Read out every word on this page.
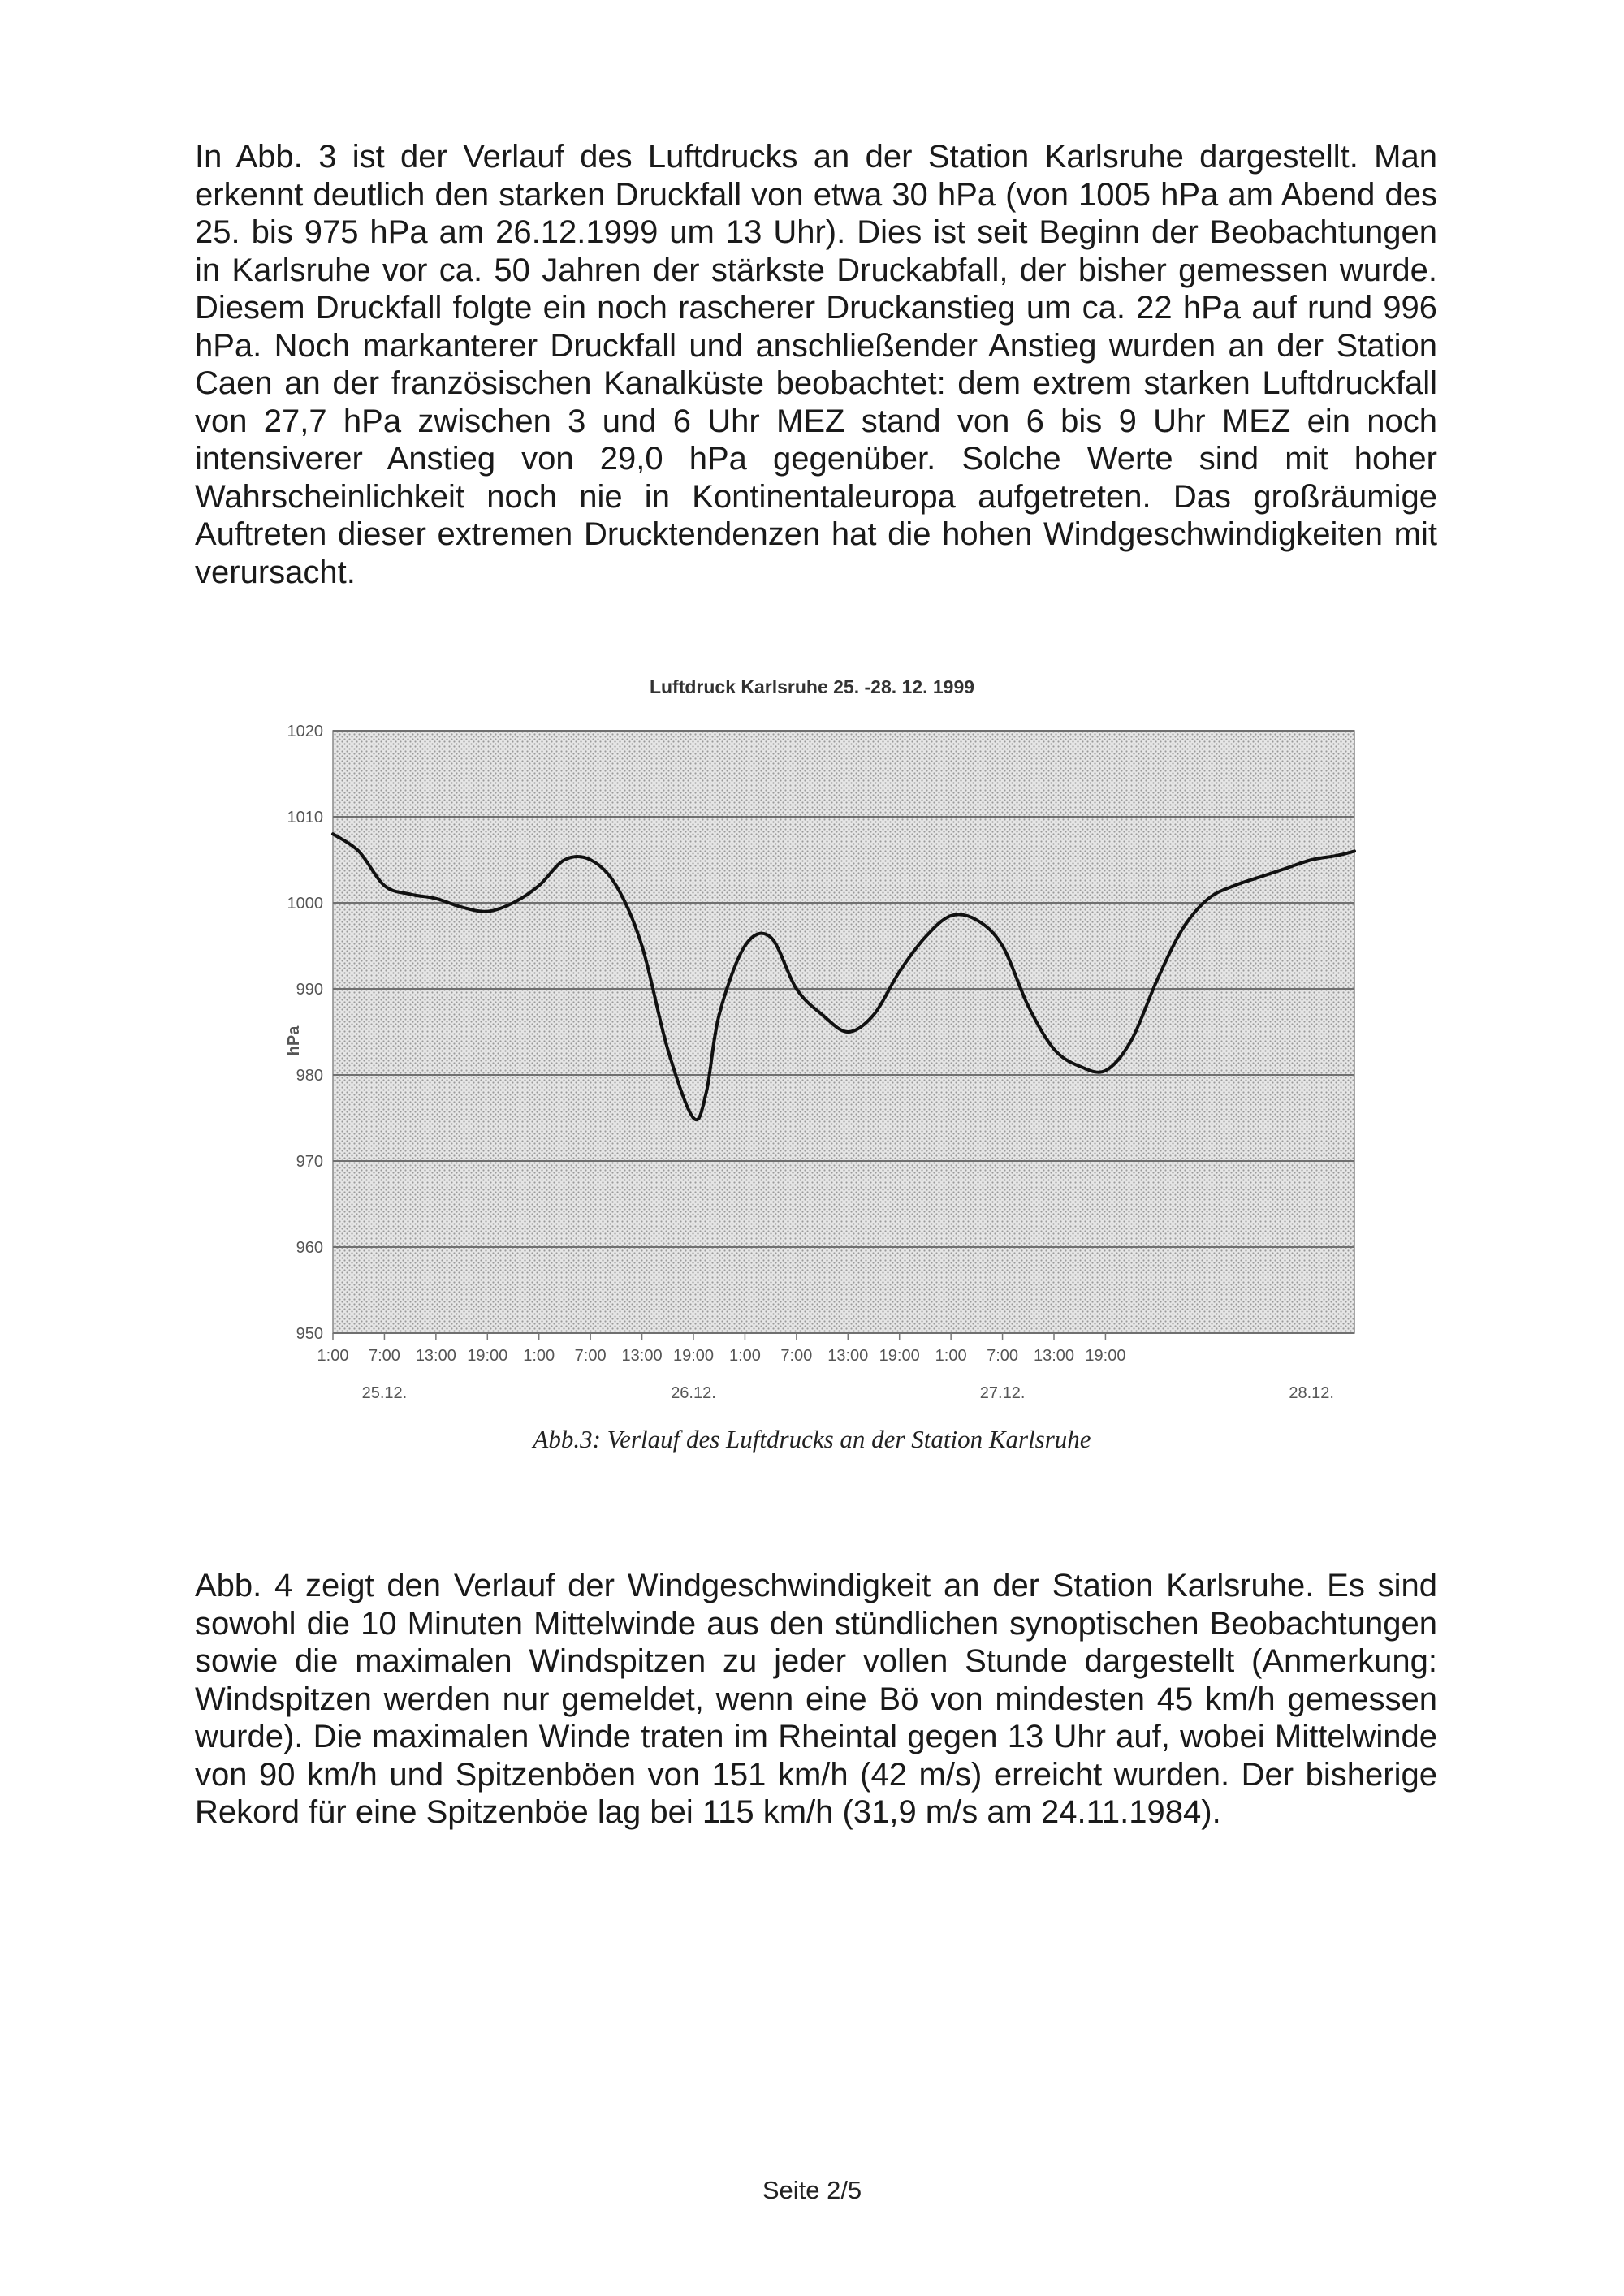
In Abb. 3 ist der Verlauf des Luftdrucks an der Station Karlsruhe dargestellt. Man erkennt deutlich den starken Druckfall von etwa 30 hPa (von 1005 hPa am Abend des 25. bis 975 hPa am 26.12.1999 um 13 Uhr). Dies ist seit Beginn der Beobachtungen in Karlsruhe vor ca. 50 Jahren der stärkste Druckabfall, der bisher gemessen wurde. Diesem Druckfall folgte ein noch rascherer Druckanstieg um ca. 22 hPa auf rund 996 hPa. Noch markanterer Druckfall und anschließender Anstieg wurden an der Station Caen an der französischen Kanalküste beobachtet: dem extrem starken Luftdruckfall von 27,7 hPa zwischen 3 und 6 Uhr MEZ stand von 6 bis 9 Uhr MEZ ein noch intensiverer Anstieg von 29,0 hPa gegenüber. Solche Werte sind mit hoher Wahrscheinlichkeit noch nie in Kontinentaleuropa aufgetreten. Das großräumige Auftreten dieser extremen Drucktendenzen hat die hohen Windgeschwindigkeiten mit verursacht.

Luftdruck Karlsruhe 25. -28. 12. 1999
1020
1010
1000
990
980
970
960
950
1:00 7:00 13:00 19:00 1:00 7:00 13:00 19:00 1:00 7:00 13:00 19:00 1:00 7:00 13:00 19:00
25.12.	26.12.	27.12.	28.12.
hPa
Abb.3: Verlauf des Luftdrucks an der Station Karlsruhe

Abb. 4 zeigt den Verlauf der Windgeschwindigkeit an der Station Karlsruhe. Es sind sowohl die 10 Minuten Mittelwinde aus den stündlichen synoptischen Beobachtungen sowie die maximalen Windspitzen zu jeder vollen Stunde dargestellt (Anmerkung: Windspitzen werden nur gemeldet, wenn eine Bö von mindesten 45 km/h gemessen wurde). Die maximalen Winde traten im Rheintal gegen 13 Uhr auf, wobei Mittelwinde von 90 km/h und Spitzenböen von 151 km/h (42 m/s) erreicht wurden. Der bisherige Rekord für eine Spitzenböe lag bei 115 km/h (31,9 m/s am 24.11.1984).

Seite 2/5
